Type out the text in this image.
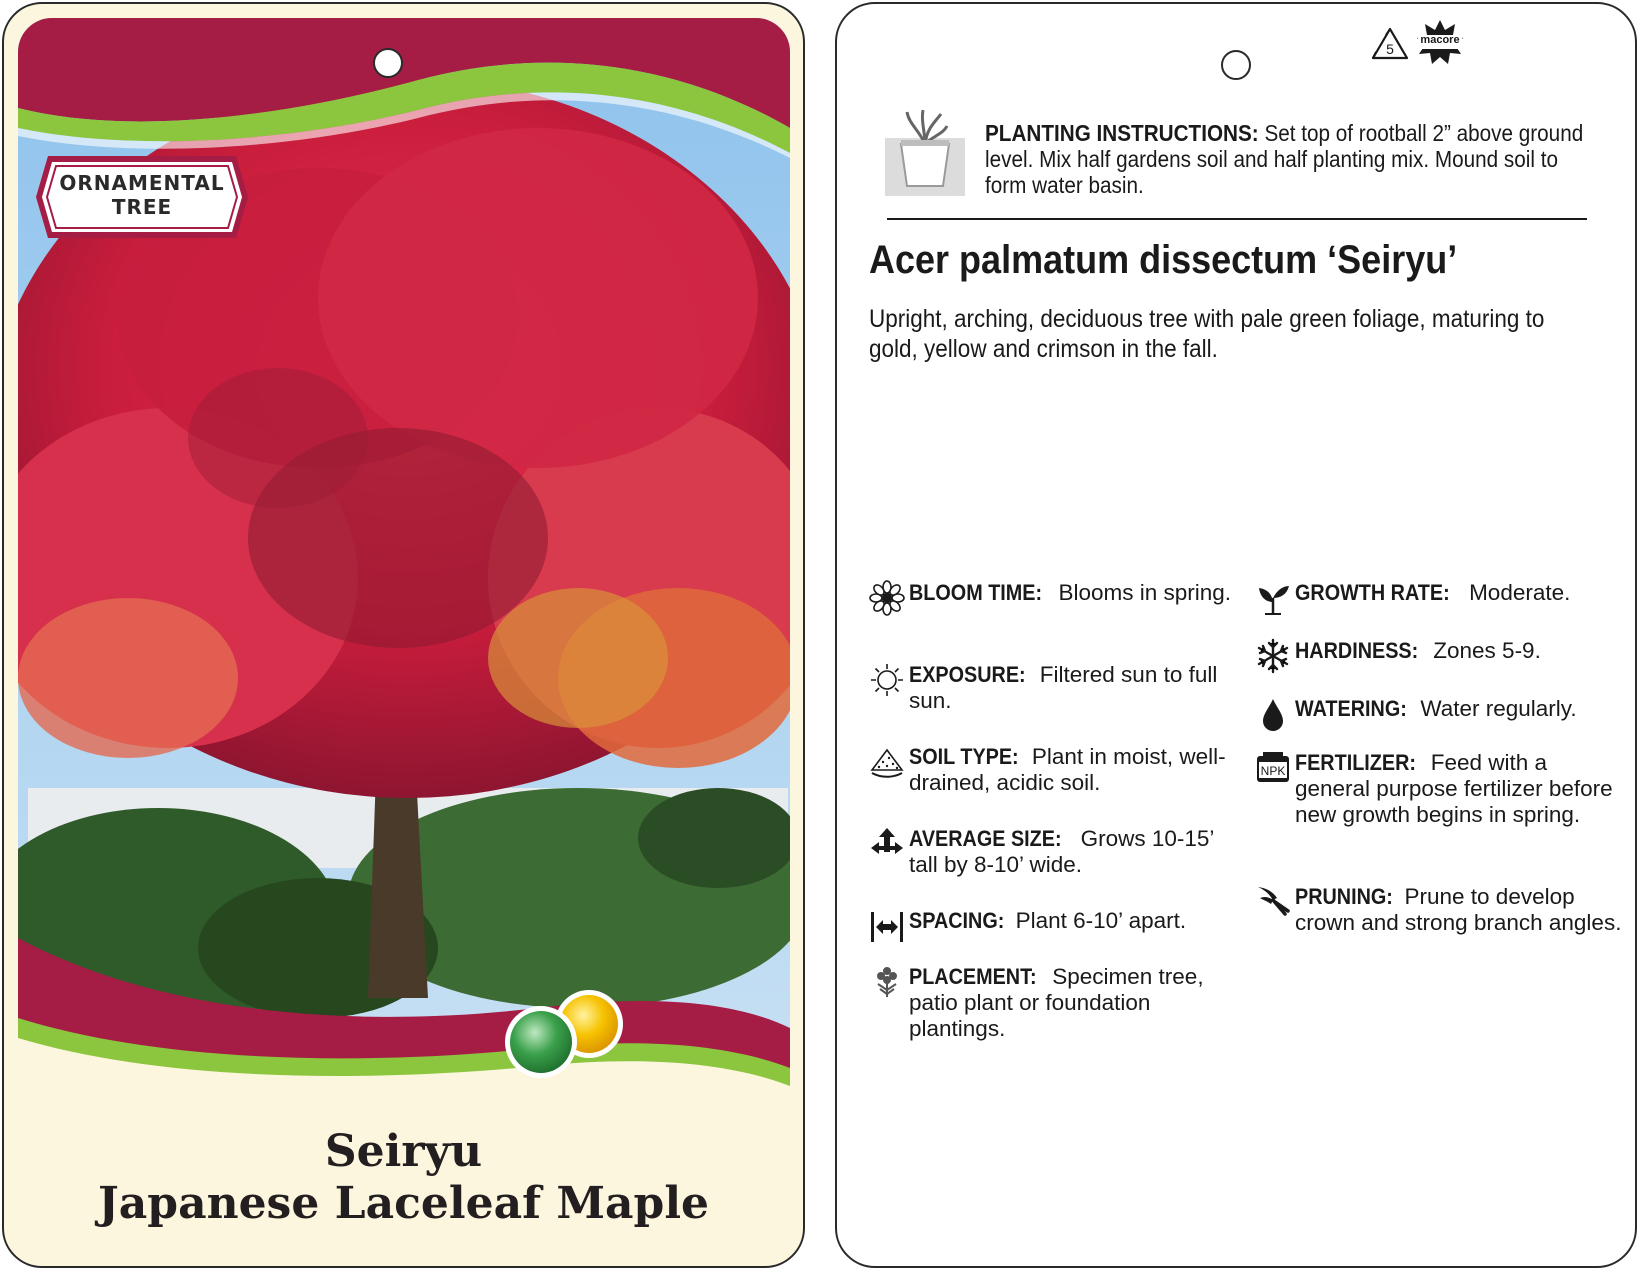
ORNAMENTAL
TREE
Seiryu
Japanese Laceleaf Maple
5
macore
PLANTING INSTRUCTIONS: Set top of rootball 2” above ground level. Mix half gardens soil and half planting mix. Mound soil to form water basin.
Acer palmatum dissectum ‘Seiryu’
Upright, arching, deciduous tree with pale green foliage, maturing to gold, yellow and crimson in the fall.
BLOOM TIME: Blooms in spring.
EXPOSURE: Filtered sun to full sun.
SOIL TYPE: Plant in moist, well-drained, acidic soil.
AVERAGE SIZE: Grows 10-15’ tall by 8-10’ wide.
SPACING: Plant 6-10’ apart.
PLACEMENT: Specimen tree, patio plant or foundation plantings.
GROWTH RATE: Moderate.
HARDINESS: Zones 5-9.
WATERING: Water regularly.
NPK FERTILIZER: Feed with a general purpose fertilizer before new growth begins in spring.
PRUNING: Prune to develop crown and strong branch angles.
